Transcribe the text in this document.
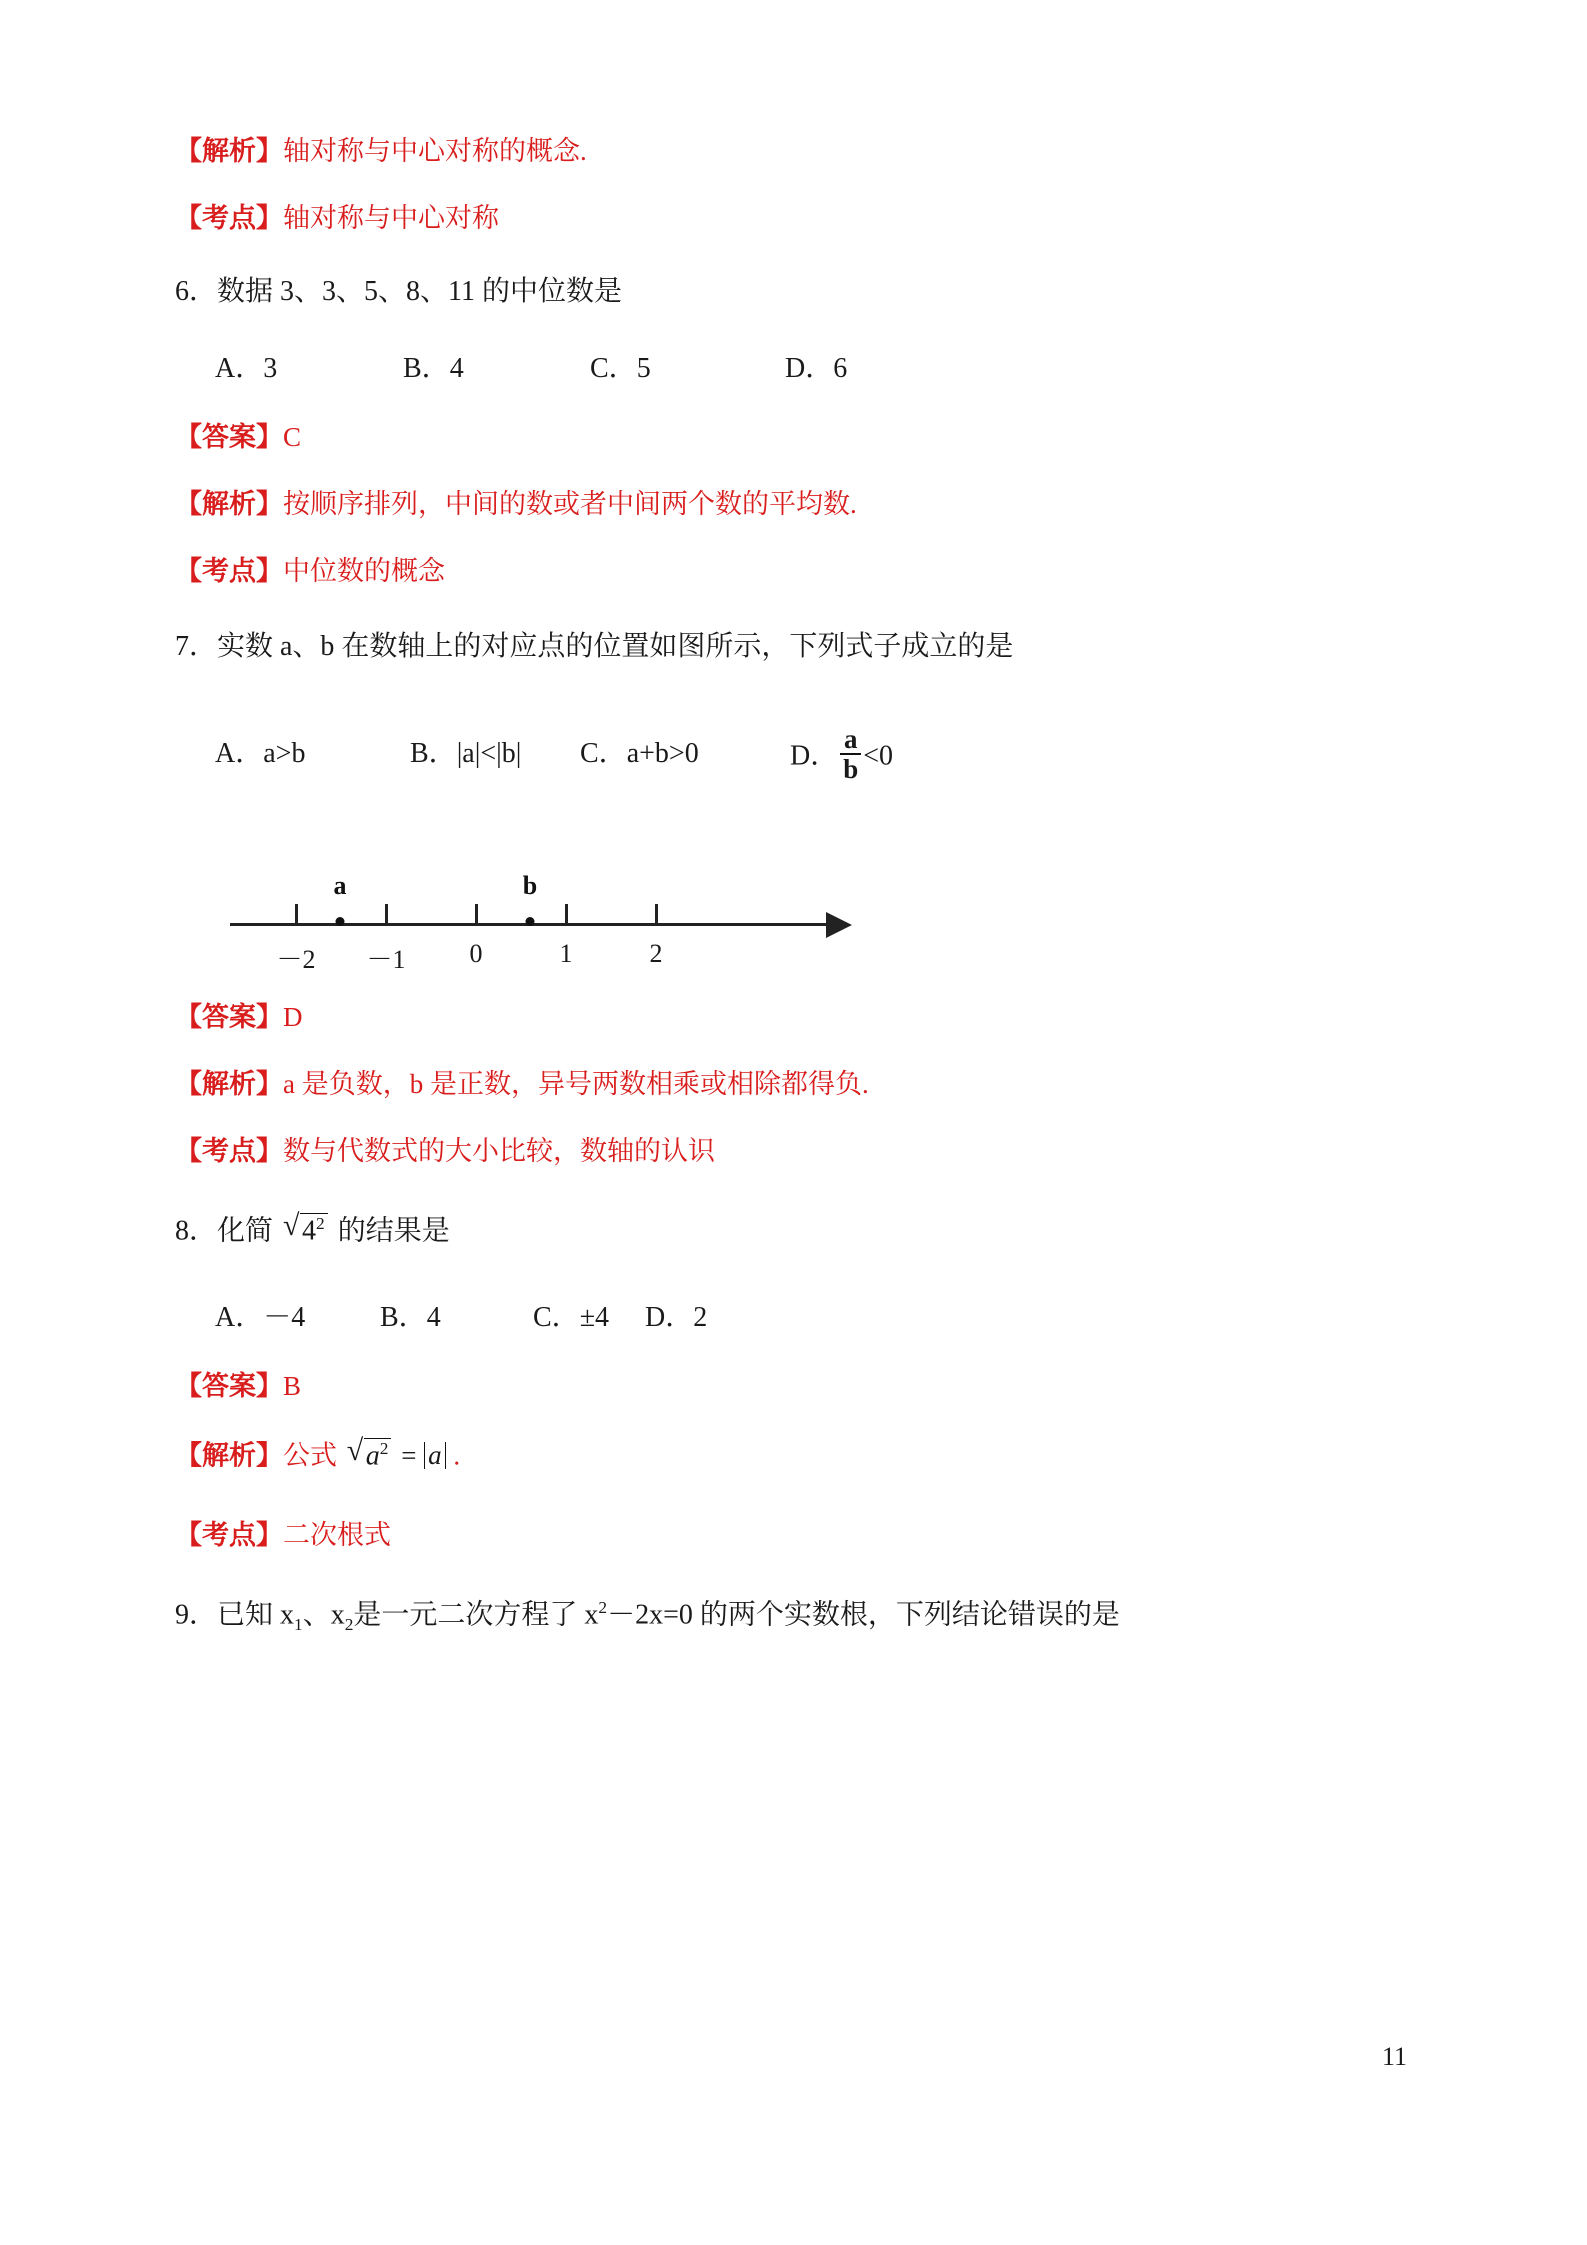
【解析】轴对称与中心对称的概念.
【考点】轴对称与中心对称
6．数据 3、3、5、8、11 的中位数是
A．3	B．4	C．5	D．6
【答案】C
【解析】按顺序排列，中间的数或者中间两个数的平均数.
【考点】中位数的概念
7．实数 a、b 在数轴上的对应点的位置如图所示，下列式子成立的是
A．a>b	B．|a|<|b| C．a+b>0	D． $\frac{a}{b} <0$
－2 －1 0	1	2
a	b
【答案】D
【解析】a 是负数，b 是正数，异号两数相乘或相除都得负.
【考点】数与代数式的大小比较，数轴的认识
8．化简 √ $4^2$ 的结果是
A．－4	B．4	C．±4 D．2
【答案】B
【解析】公式 √ $a^2 = a$ .
【考点】二次根式
9．已知 $x_1$、$x_2$是一元二次方程了 $x^2-2x=0$ 的两个实数根，下列结论错误的是
11
